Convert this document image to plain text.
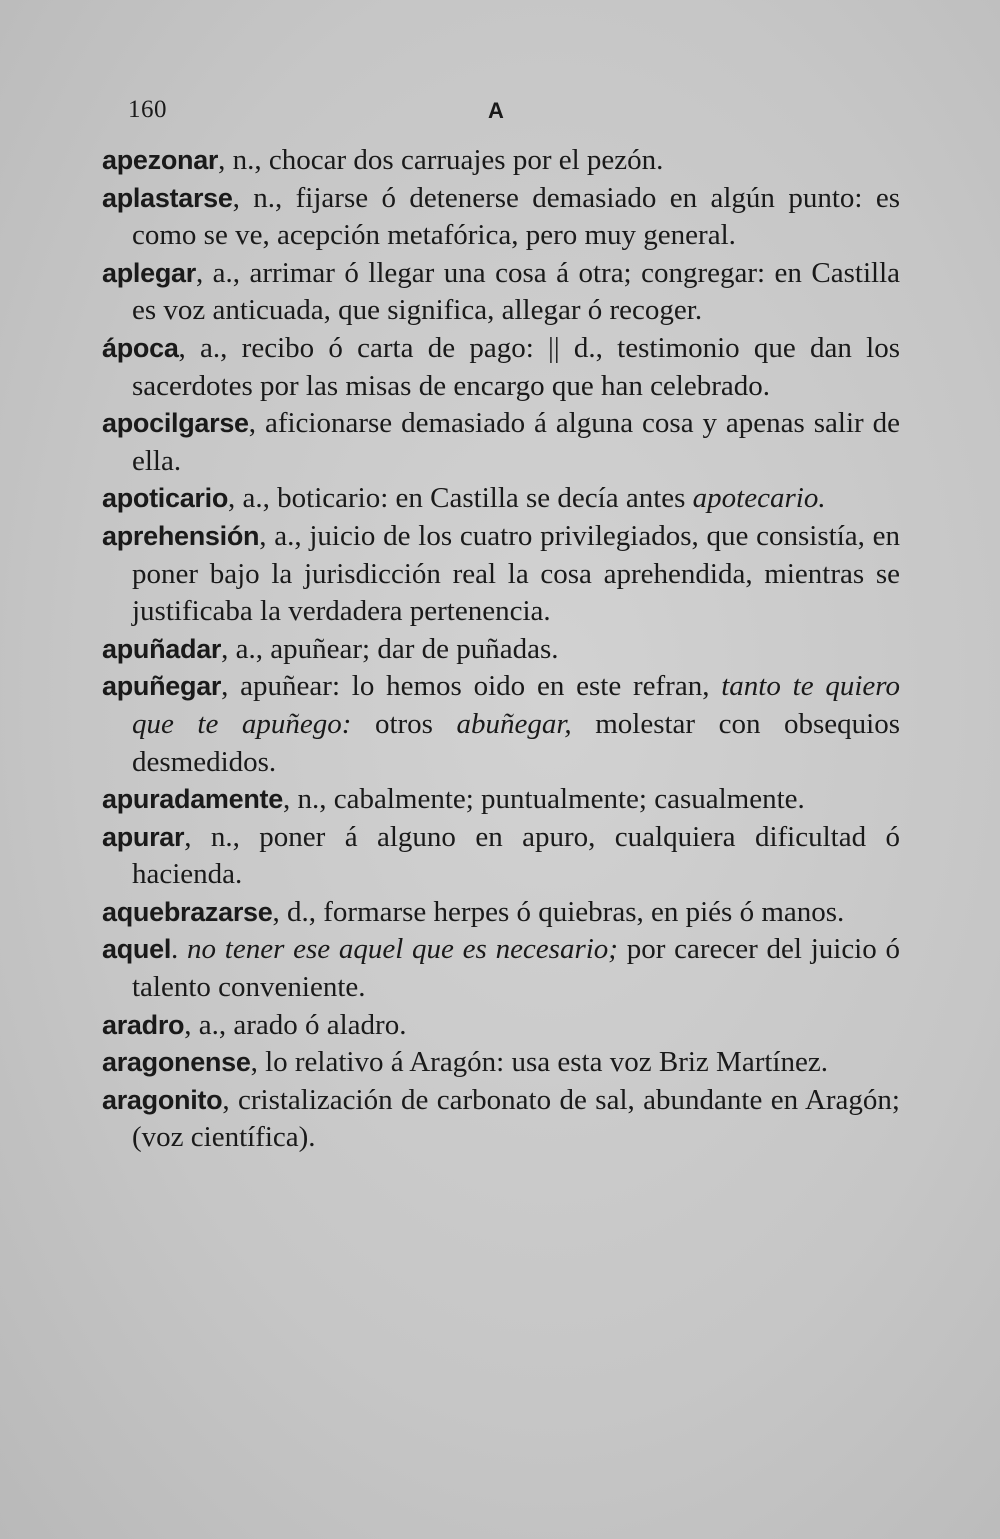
160	A

apezonar, n., chocar dos carruajes por el pezón.

aplastarse, n., fijarse ó detenerse demasiado en algún punto: es como se ve, acepción metafórica, pero muy general.

aplegar, a., arrimar ó llegar una cosa á otra; congregar: en Castilla es voz anticuada, que significa, allegar ó recoger.

ápoca, a., recibo ó carta de pago: || d., testimonio que dan los sacerdotes por las misas de encargo que han celebrado.

apocilgarse, aficionarse demasiado á alguna cosa y apenas salir de ella.

apoticario, a., boticario: en Castilla se decía antes apotecario.

aprehensión, a., juicio de los cuatro privilegiados, que consistía, en poner bajo la jurisdicción real la cosa aprehendida, mientras se justificaba la verdadera pertenencia.

apuñadar, a., apuñear; dar de puñadas.

apuñegar, apuñear: lo hemos oido en este refran, tanto te quiero que te apuñego: otros abuñegar, molestar con obsequios desmedidos.

apuradamente, n., cabalmente; puntualmente; casualmente.

apurar, n., poner á alguno en apuro, cualquiera dificultad ó hacienda.

aquebrazarse, d., formarse herpes ó quiebras, en piés ó manos.

aquel. no tener ese aquel que es necesario; por carecer del juicio ó talento conveniente.

aradro, a., arado ó aladro.

aragonense, lo relativo á Aragón: usa esta voz Briz Martínez.

aragonito, cristalización de carbonato de sal, abundante en Aragón; (voz científica).
